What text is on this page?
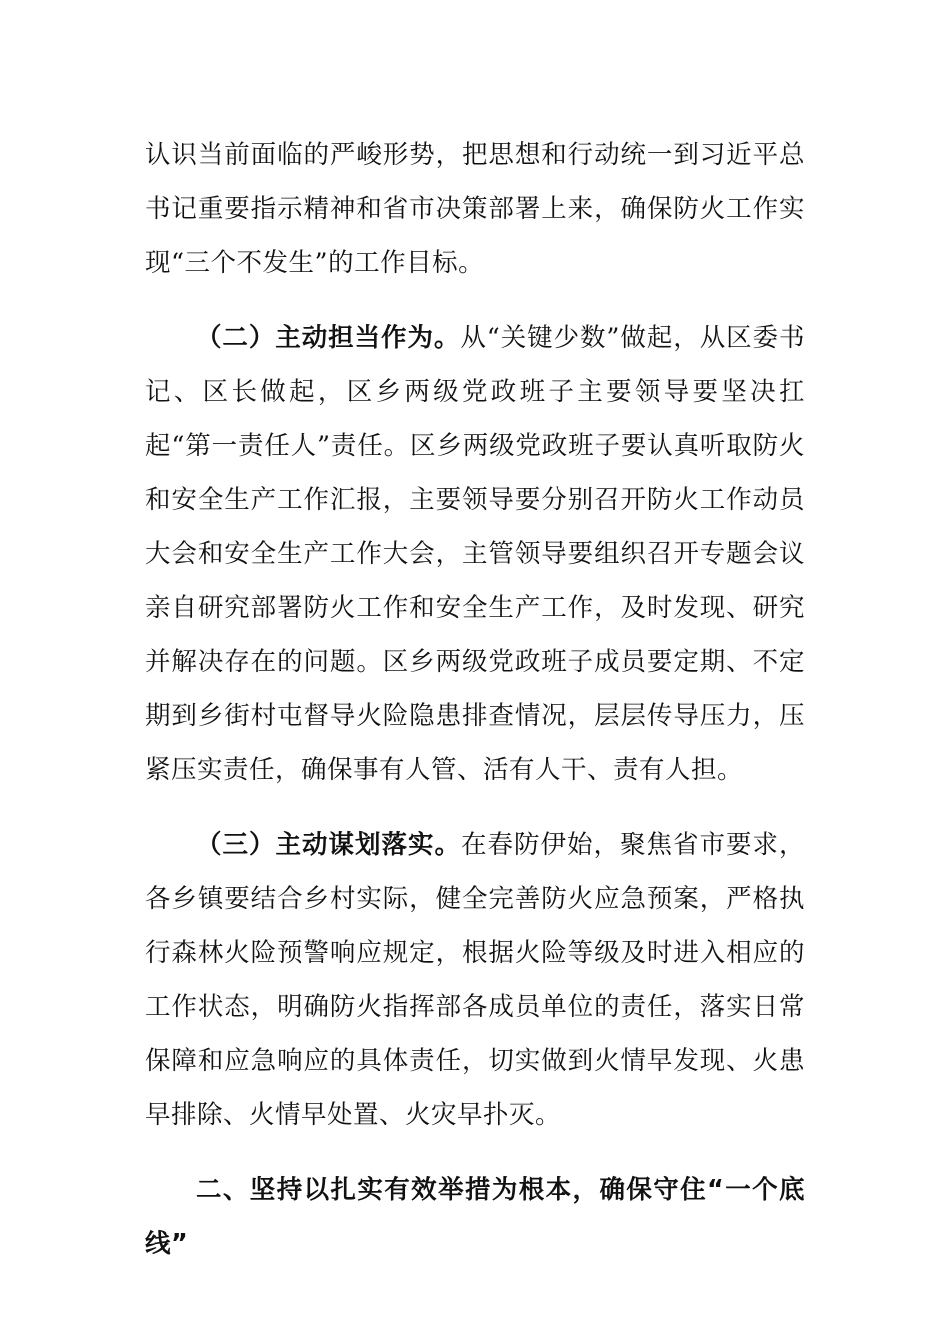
认识当前面临的严峻形势，把思想和行动统一到习近平总书记重要指示精神和省市决策部署上来，确保防火工作实现“三个不发生”的工作目标。

（二）主动担当作为。从“关键少数”做起，从区委书记、区长做起，区乡两级党政班子主要领导要坚决扛起“第一责任人”责任。区乡两级党政班子要认真听取防火和安全生产工作汇报，主要领导要分别召开防火工作动员大会和安全生产工作大会，主管领导要组织召开专题会议亲自研究部署防火工作和安全生产工作，及时发现、研究并解决存在的问题。区乡两级党政班子成员要定期、不定期到乡街村屯督导火险隐患排查情况，层层传导压力，压紧压实责任，确保事有人管、活有人干、责有人担。

（三）主动谋划落实。在春防伊始，聚焦省市要求，各乡镇要结合乡村实际，健全完善防火应急预案，严格执行森林火险预警响应规定，根据火险等级及时进入相应的工作状态，明确防火指挥部各成员单位的责任，落实日常保障和应急响应的具体责任，切实做到火情早发现、火患早排除、火情早处置、火灾早扑灭。

二、坚持以扎实有效举措为根本，确保守住“一个底线”
